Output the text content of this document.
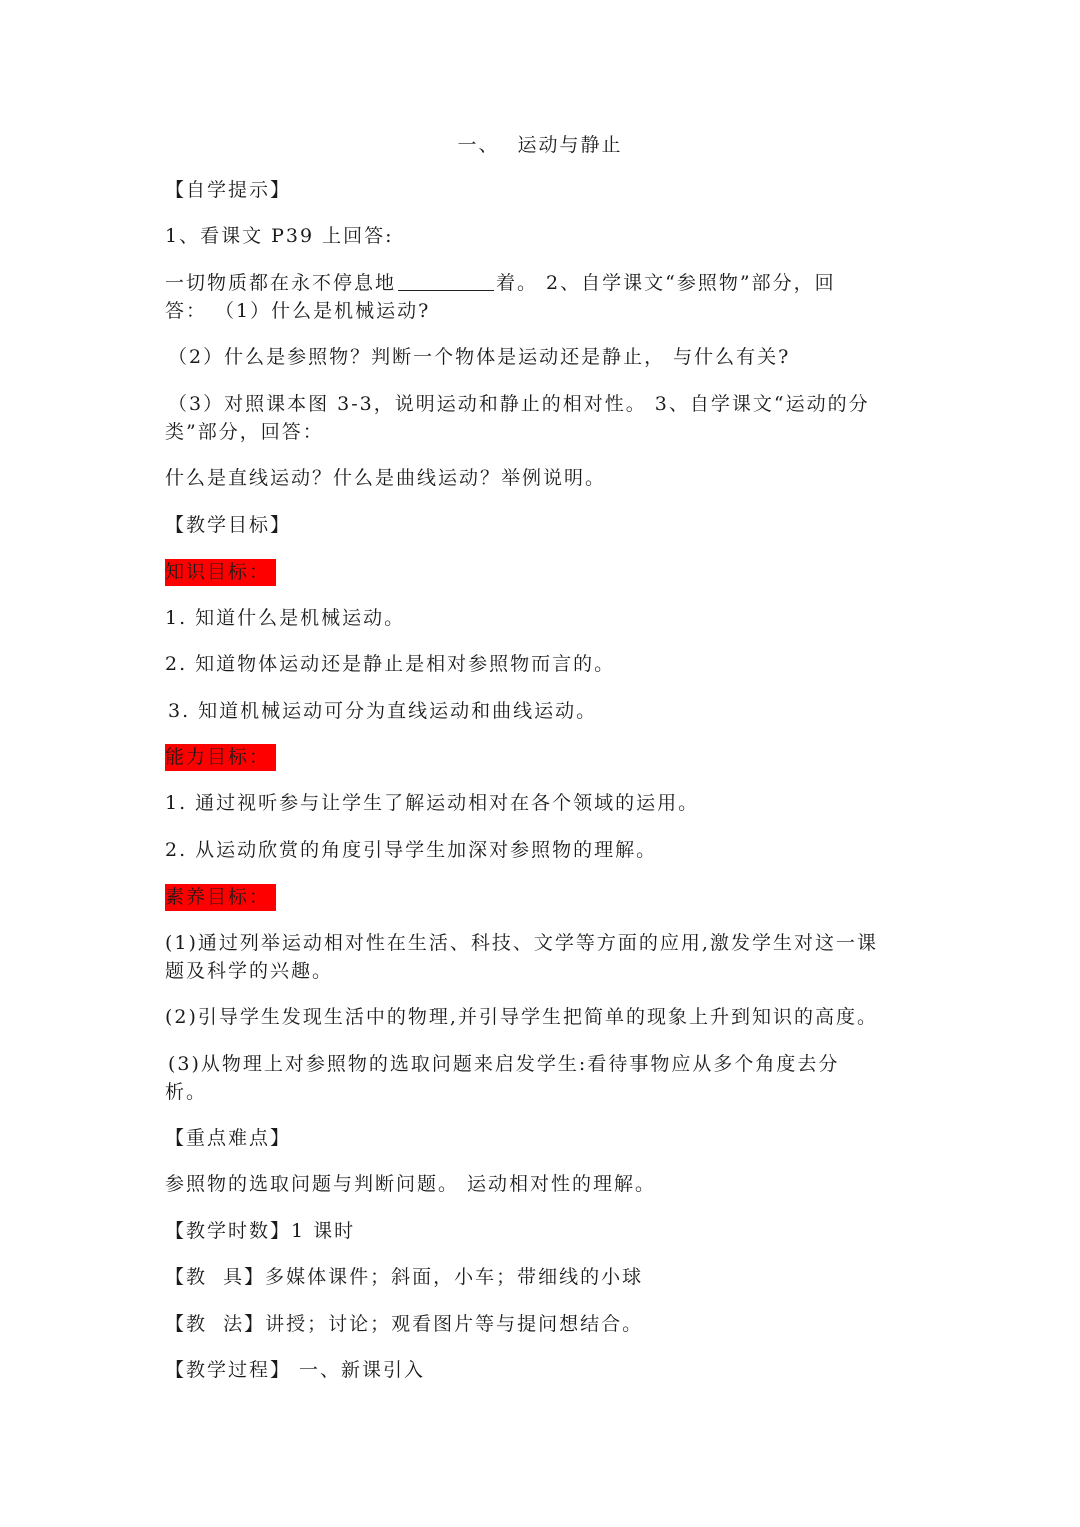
一、 运动与静止
【自学提示】
1、看课文 P39 上回答:
一切物质都在永不停息地	着。 2、自学课文“参照物”部分，回
答： （1）什么是机械运动?
（2）什么是参照物？判断一个物体是运动还是静止， 与什么有关?
（3）对照课本图 3-3，说明运动和静止的相对性。 3、自学课文“运动的分
类”部分，回答：
什么是直线运动？什么是曲线运动？举例说明。
【教学目标】
知识目标：
1. 知道什么是机械运动。
2. 知道物体运动还是静止是相对参照物而言的。
3. 知道机械运动可分为直线运动和曲线运动。
能力目标：
1. 通过视听参与让学生了解运动相对在各个领域的运用。
2. 从运动欣赏的角度引导学生加深对参照物的理解。
素养目标：
(1)通过列举运动相对性在生活、科技、文学等方面的应用,激发学生对这一课
题及科学的兴趣。
(2)引导学生发现生活中的物理,并引导学生把简单的现象上升到知识的高度。
(3)从物理上对参照物的选取问题来启发学生:看待事物应从多个角度去分
析。
【重点难点】
参照物的选取问题与判断问题。 运动相对性的理解。
【教学时数】1 课时
【教  具】多媒体课件；斜面，小车；带细线的小球
【教  法】讲授；讨论；观看图片等与提问想结合。
【教学过程】 一、新课引入
